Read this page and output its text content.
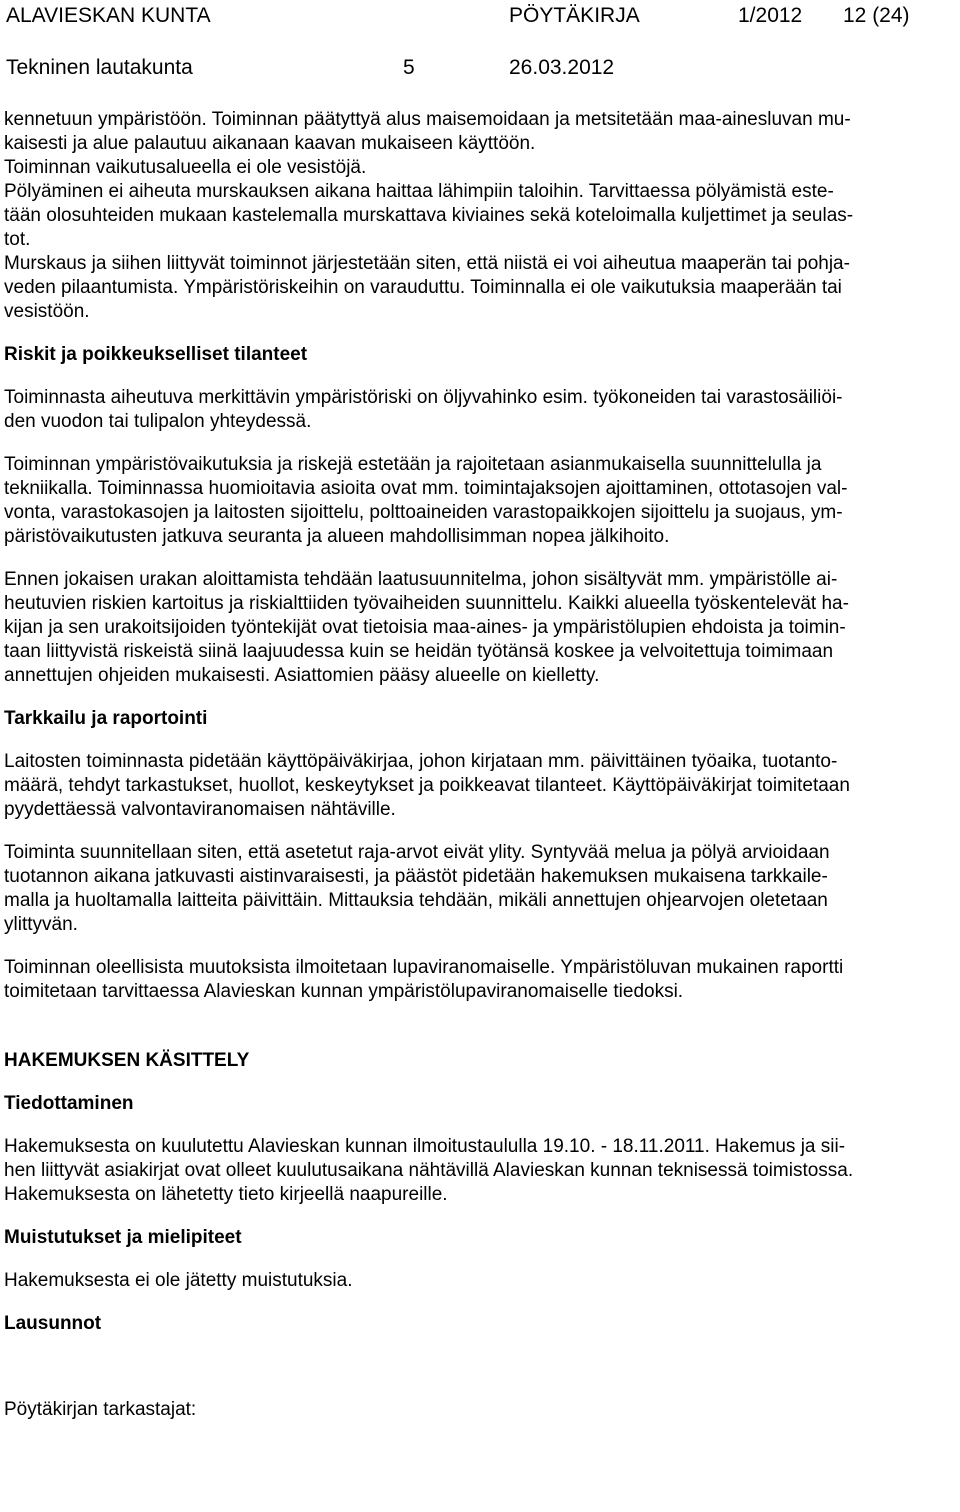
ALAVIESKAN KUNTA	PÖYTÄKIRJA	1/2012 12 (24)
Tekninen lautakunta	5	26.03.2012
kennetuun ympäristöön. Toiminnan päätyttyä alus maisemoidaan ja metsitetään maa-ainesluvan mu-
kaisesti ja alue palautuu aikanaan kaavan mukaiseen käyttöön.
Toiminnan vaikutusalueella ei ole vesistöjä.
Pölyäminen ei aiheuta murskauksen aikana haittaa lähimpiin taloihin. Tarvittaessa pölyämistä este-
tään olosuhteiden mukaan kastelemalla murskattava kiviaines sekä koteloimalla kuljettimet ja seulas-
tot.
Murskaus ja siihen liittyvät toiminnot järjestetään siten, että niistä ei voi aiheutua maaperän tai pohja-
veden pilaantumista. Ympäristöriskeihin on varauduttu. Toiminnalla ei ole vaikutuksia maaperään tai
vesistöön.
Riskit ja poikkeukselliset tilanteet
Toiminnasta aiheutuva merkittävin ympäristöriski on öljyvahinko esim. työkoneiden tai varastosäiliöi-
den vuodon tai tulipalon yhteydessä.
Toiminnan ympäristövaikutuksia ja riskejä estetään ja rajoitetaan asianmukaisella suunnittelulla ja
tekniikalla. Toiminnassa huomioitavia asioita ovat mm. toimintajaksojen ajoittaminen, ottotasojen val-
vonta, varastokasojen ja laitosten sijoittelu, polttoaineiden varastopaikkojen sijoittelu ja suojaus, ym-
päristövaikutusten jatkuva seuranta ja alueen mahdollisimman nopea jälkihoito.
Ennen jokaisen urakan aloittamista tehdään laatusuunnitelma, johon sisältyvät mm. ympäristölle ai-
heutuvien riskien kartoitus ja riskialttiiden työvaiheiden suunnittelu. Kaikki alueella työskentelevät ha-
kijan ja sen urakoitsijoiden työntekijät ovat tietoisia maa-aines- ja ympäristölupien ehdoista ja toimin-
taan liittyvistä riskeistä siinä laajuudessa kuin se heidän työtänsä koskee ja velvoitettuja toimimaan
annettujen ohjeiden mukaisesti. Asiattomien pääsy alueelle on kielletty.
Tarkkailu ja raportointi
Laitosten toiminnasta pidetään käyttöpäiväkirjaa, johon kirjataan mm. päivittäinen työaika, tuotanto-
määrä, tehdyt tarkastukset, huollot, keskeytykset ja poikkeavat tilanteet. Käyttöpäiväkirjat toimitetaan
pyydettäessä valvontaviranomaisen nähtäville.
Toiminta suunnitellaan siten, että asetetut raja-arvot eivät ylity. Syntyvää melua ja pölyä arvioidaan
tuotannon aikana jatkuvasti aistinvaraisesti, ja päästöt pidetään hakemuksen mukaisena tarkkaile-
malla ja huoltamalla laitteita päivittäin. Mittauksia tehdään, mikäli annettujen ohjearvojen oletetaan
ylittyvän.
Toiminnan oleellisista muutoksista ilmoitetaan lupaviranomaiselle. Ympäristöluvan mukainen raportti
toimitetaan tarvittaessa Alavieskan kunnan ympäristölupaviranomaiselle tiedoksi.
HAKEMUKSEN KÄSITTELY
Tiedottaminen
Hakemuksesta on kuulutettu Alavieskan kunnan ilmoitustaululla 19.10. - 18.11.2011. Hakemus ja sii-
hen liittyvät asiakirjat ovat olleet kuulutusaikana nähtävillä Alavieskan kunnan teknisessä toimistossa.
Hakemuksesta on lähetetty tieto kirjeellä naapureille.
Muistutukset ja mielipiteet
Hakemuksesta ei ole jätetty muistutuksia.
Lausunnot
Pöytäkirjan tarkastajat:
